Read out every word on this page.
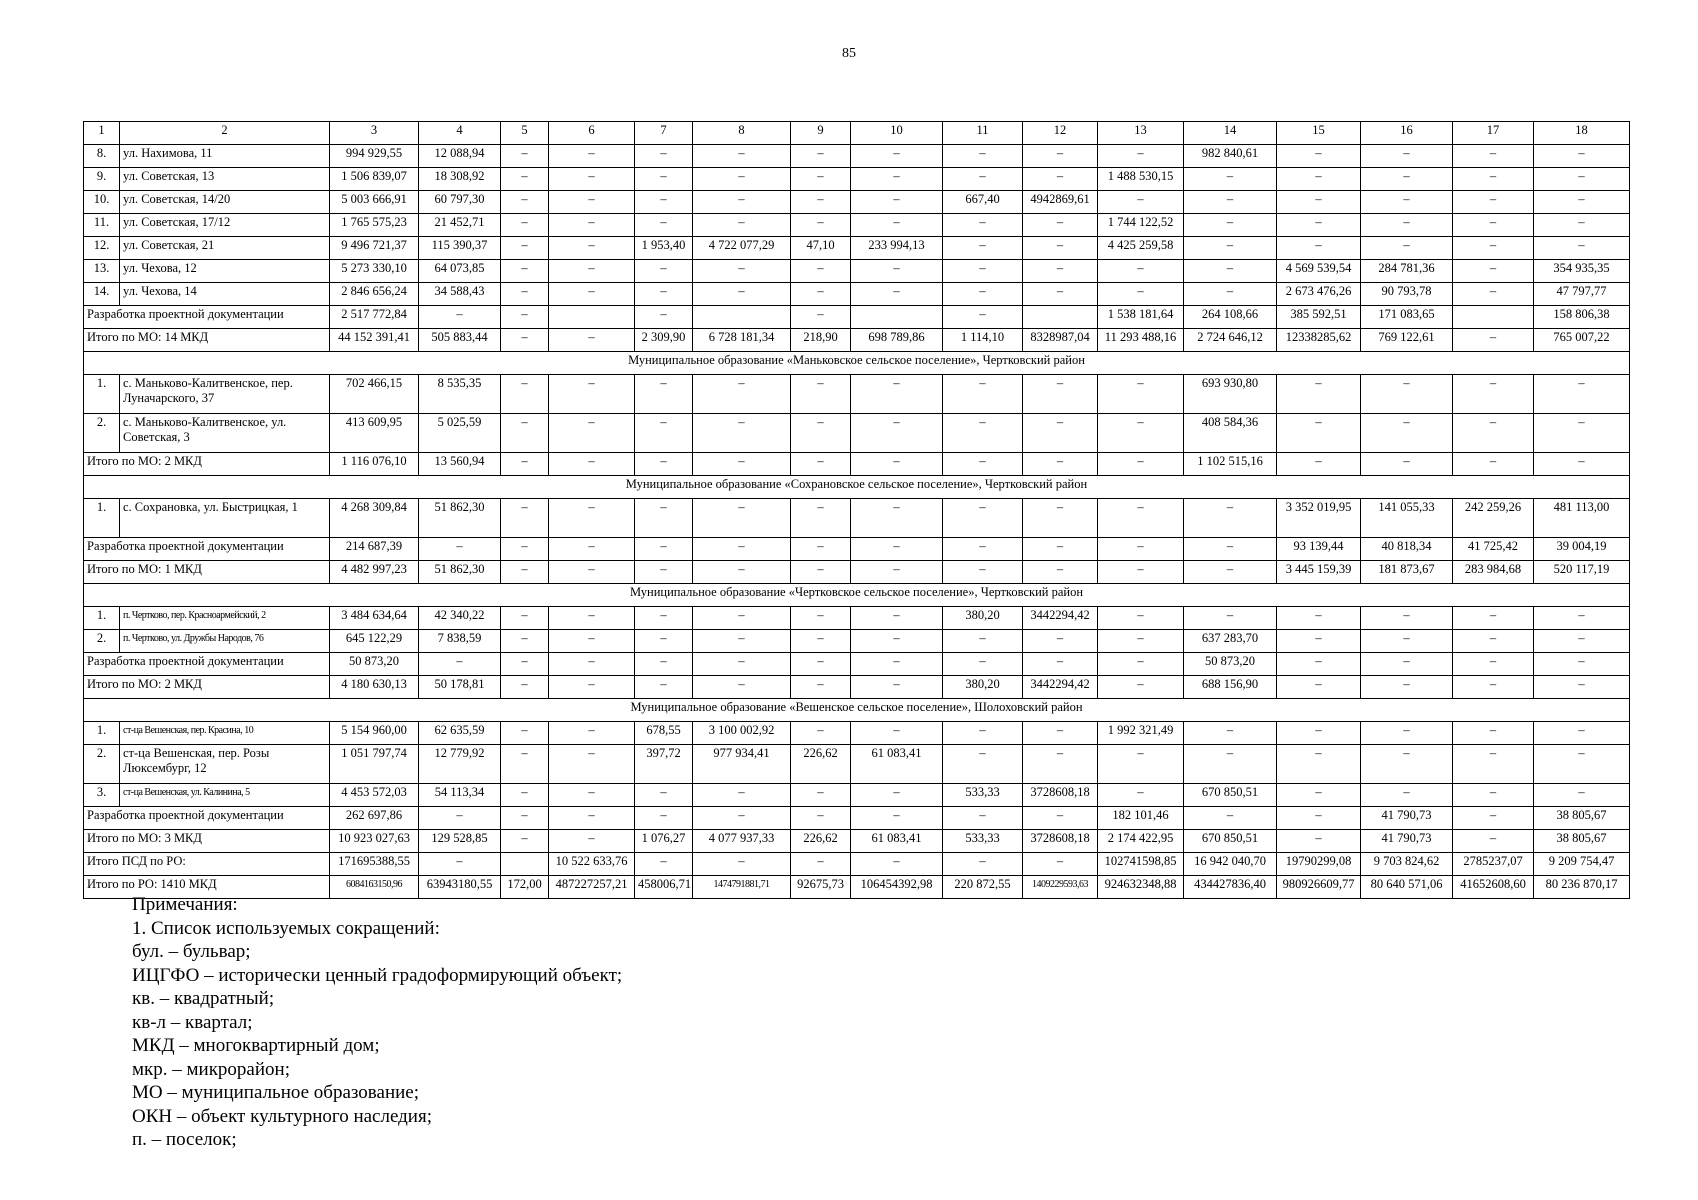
85
1	2	3	4	5	6	7	8	9	10	11	12	13	14	15	16	17	18
8.	ул. Нахимова, 11	994 929,55	12 088,94	–	–	–	–	–	–	–	–	–	982 840,61	–	–	–	–
9.	ул. Советская, 13	1 506 839,07	18 308,92	–	–	–	–	–	–	–	–	1 488 530,15	–	–	–	–	–
10.	ул. Советская, 14/20	5 003 666,91	60 797,30	–	–	–	–	–	–	667,40	4942869,61	–	–	–	–	–	–
11.	ул. Советская, 17/12	1 765 575,23	21 452,71	–	–	–	–	–	–	–	–	1 744 122,52	–	–	–	–	–
12.	ул. Советская, 21	9 496 721,37	115 390,37	–	–	1 953,40	4 722 077,29	47,10	233 994,13	–	–	4 425 259,58	–	–	–	–	–
13.	ул. Чехова, 12	5 273 330,10	64 073,85	–	–	–	–	–	–	–	–	–	–	4 569 539,54	284 781,36	–	354 935,35
14.	ул. Чехова, 14	2 846 656,24	34 588,43	–	–	–	–	–	–	–	–	–	–	2 673 476,26	90 793,78	–	47 797,77
Разработка проектной документации		2 517 772,84	–	–		–		–		–		1 538 181,64	264 108,66	385 592,51	171 083,65		158 806,38
Итого по МО: 14 МКД		44 152 391,41	505 883,44	–	–	2 309,90	6 728 181,34	218,90	698 789,86	1 114,10	8328987,04	11 293 488,16	2 724 646,12	12338285,62	769 122,61	–	765 007,22
Муниципальное образование «Маньковское сельское поселение», Чертковский район																	
1.	с. Маньково-Калитвенское, пер. Луначарского, 37	702 466,15	8 535,35	–	–	–	–	–	–	–	–	–	693 930,80	–	–	–	–
2.	с. Маньково-Калитвенское, ул. Советская, 3	413 609,95	5 025,59	–	–	–	–	–	–	–	–	–	408 584,36	–	–	–	–
Итого по МО: 2 МКД		1 116 076,10	13 560,94	–	–	–	–	–	–	–	–	–	1 102 515,16	–	–	–	–
Муниципальное образование «Сохрановское сельское поселение», Чертковский район																	
1.	с. Сохрановка, ул. Быстрицкая, 1	4 268 309,84	51 862,30	–	–	–	–	–	–	–	–	–	–	3 352 019,95	141 055,33	242 259,26	481 113,00
Разработка проектной документации		214 687,39	–	–	–	–	–	–	–	–	–	–	–	93 139,44	40 818,34	41 725,42	39 004,19
Итого по МО: 1 МКД		4 482 997,23	51 862,30	–	–	–	–	–	–	–	–	–	–	3 445 159,39	181 873,67	283 984,68	520 117,19
Муниципальное образование «Чертковское сельское поселение», Чертковский район																	
1.	п. Чертково, пер. Красноармейский, 2	3 484 634,64	42 340,22	–	–	–	–	–	–	380,20	3442294,42	–	–	–	–	–	–
2.	п. Чертково, ул. Дружбы Народов, 76	645 122,29	7 838,59	–	–	–	–	–	–	–	–	–	637 283,70	–	–	–	–
Разработка проектной документации		50 873,20	–	–	–	–	–	–	–	–	–	–	50 873,20	–	–	–	–
Итого по МО: 2 МКД		4 180 630,13	50 178,81	–	–	–	–	–	–	380,20	3442294,42	–	688 156,90	–	–	–	–
Муниципальное образование «Вешенское сельское поселение», Шолоховский район																	
1.	ст-ца Вешенская, пер. Красина, 10	5 154 960,00	62 635,59	–	–	678,55	3 100 002,92	–	–	–	–	1 992 321,49	–	–	–	–	–
2.	ст-ца Вешенская, пер. Розы Люксембург, 12	1 051 797,74	12 779,92	–	–	397,72	977 934,41	226,62	61 083,41	–	–	–	–	–	–	–	–
3.	ст-ца Вешенская, ул. Калинина, 5	4 453 572,03	54 113,34	–	–	–	–	–	–	533,33	3728608,18	–	670 850,51	–	–	–	–
Разработка проектной документации		262 697,86	–	–	–	–	–	–	–	–	–	182 101,46	–	–	41 790,73	–	38 805,67
Итого по МО: 3 МКД		10 923 027,63	129 528,85	–	–	1 076,27	4 077 937,33	226,62	61 083,41	533,33	3728608,18	2 174 422,95	670 850,51	–	41 790,73	–	38 805,67
Итого ПСД по РО:		171695388,55	–		10 522 633,76	–	–	–	–	–	–	102741598,85	16 942 040,70	19790299,08	9 703 824,62	2785237,07	9 209 754,47
Итого по РО: 1410 МКД		6084163150,96	63943180,55	172,00	487227257,21	458006,71	1474791881,71	92675,73	106454392,98	220 872,55	1409229593,63	924632348,88	434427836,40	980926609,77	80 640 571,06	41652608,60	80 236 870,17
Примечания:
1. Список используемых сокращений:
бул. – бульвар;
ИЦГФО – исторически ценный градоформирующий объект;
кв. – квадратный;
кв-л – квартал;
МКД – многоквартирный дом;
мкр. – микрорайон;
МО – муниципальное образование;
ОКН – объект культурного наследия;
п. – поселок;
